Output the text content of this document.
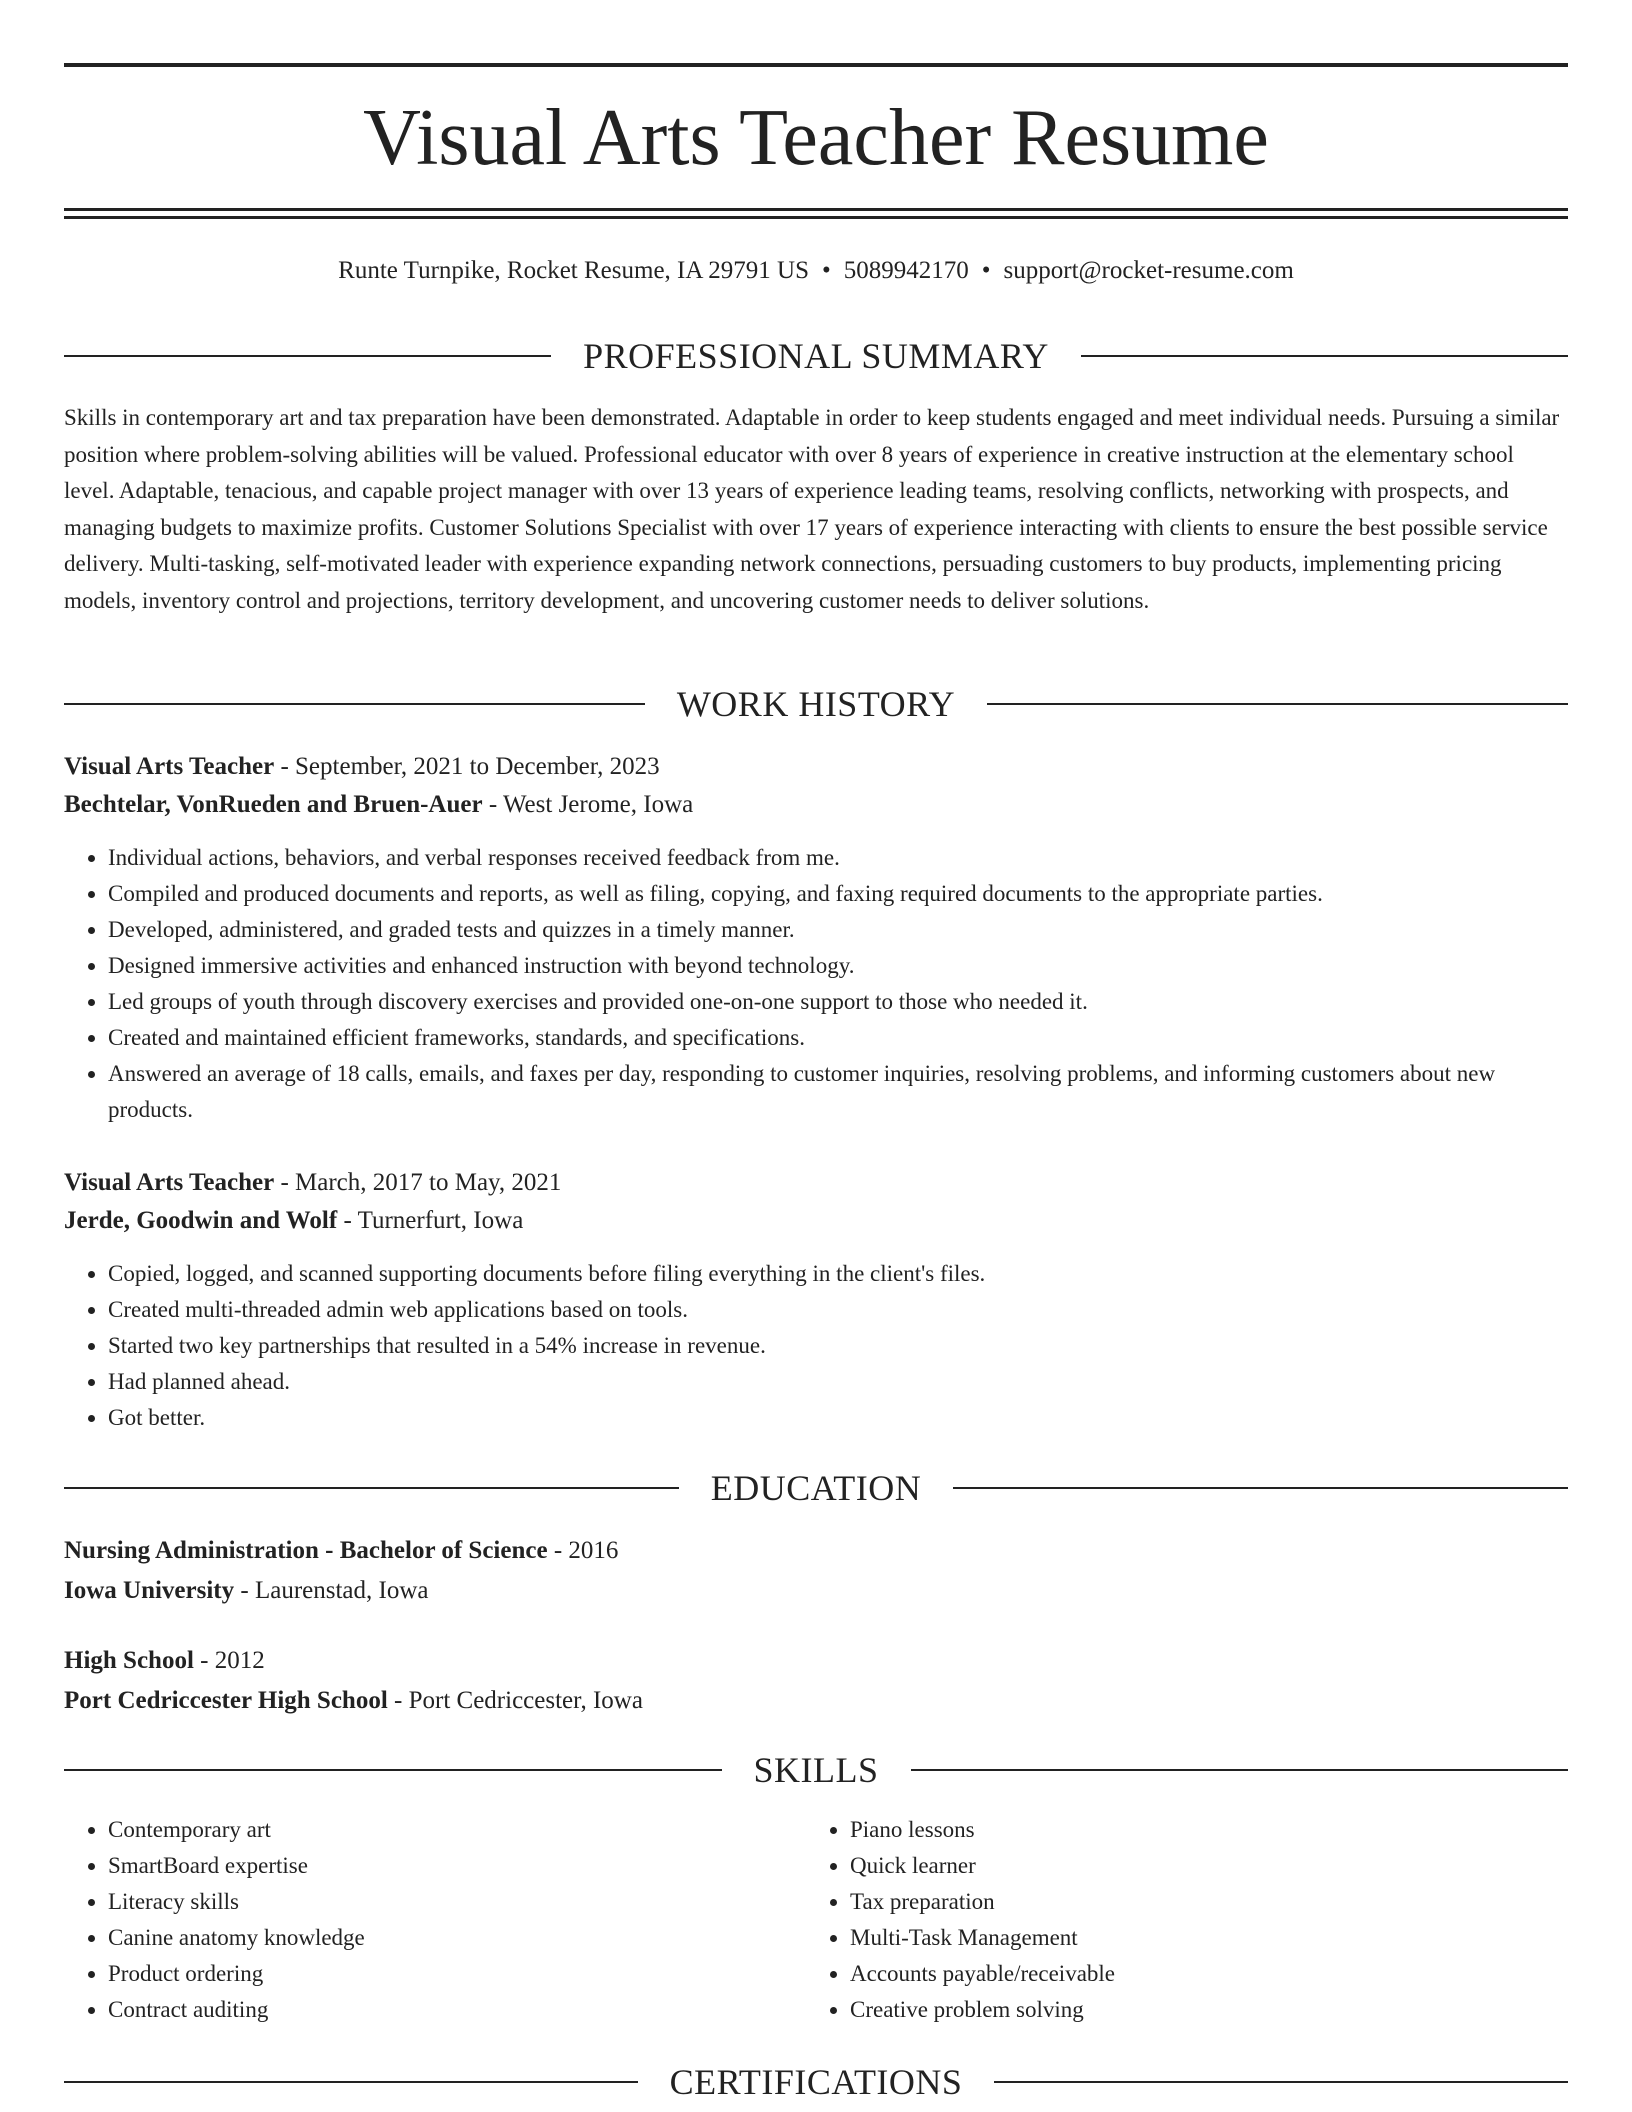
Visual Arts Teacher Resume
Runte Turnpike, Rocket Resume, IA 29791 US • 5089942170 • support@rocket-resume.com
PROFESSIONAL SUMMARY

Skills in contemporary art and tax preparation have been demonstrated. Adaptable in order to keep students engaged and meet individual needs. Pursuing a similar position where problem-solving abilities will be valued. Professional educator with over 8 years of experience in creative instruction at the elementary school level. Adaptable, tenacious, and capable project manager with over 13 years of experience leading teams, resolving conflicts, networking with prospects, and managing budgets to maximize profits. Customer Solutions Specialist with over 17 years of experience interacting with clients to ensure the best possible service delivery. Multi-tasking, self-motivated leader with experience expanding network connections, persuading customers to buy products, implementing pricing models, inventory control and projections, territory development, and uncovering customer needs to deliver solutions.

WORK HISTORY
Visual Arts Teacher - September, 2021 to December, 2023
Bechtelar, VonRueden and Bruen-Auer - West Jerome, Iowa
• Individual actions, behaviors, and verbal responses received feedback from me.
• Compiled and produced documents and reports, as well as filing, copying, and faxing required documents to the appropriate parties.
• Developed, administered, and graded tests and quizzes in a timely manner.
• Designed immersive activities and enhanced instruction with beyond technology.
• Led groups of youth through discovery exercises and provided one-on-one support to those who needed it.
• Created and maintained efficient frameworks, standards, and specifications.
• Answered an average of 18 calls, emails, and faxes per day, responding to customer inquiries, resolving problems, and informing customers about new products.
Visual Arts Teacher - March, 2017 to May, 2021
Jerde, Goodwin and Wolf - Turnerfurt, Iowa
• Copied, logged, and scanned supporting documents before filing everything in the client's files.
• Created multi-threaded admin web applications based on tools.
• Started two key partnerships that resulted in a 54% increase in revenue.
• Had planned ahead.
• Got better.
EDUCATION
Nursing Administration - Bachelor of Science - 2016
Iowa University - Laurenstad, Iowa
High School - 2012
Port Cedriccester High School - Port Cedriccester, Iowa
SKILLS
• Contemporary art
• SmartBoard expertise
• Literacy skills
• Canine anatomy knowledge
• Product ordering
• Contract auditing
• Piano lessons
• Quick learner
• Tax preparation
• Multi-Task Management
• Accounts payable/receivable
• Creative problem solving
CERTIFICATIONS
